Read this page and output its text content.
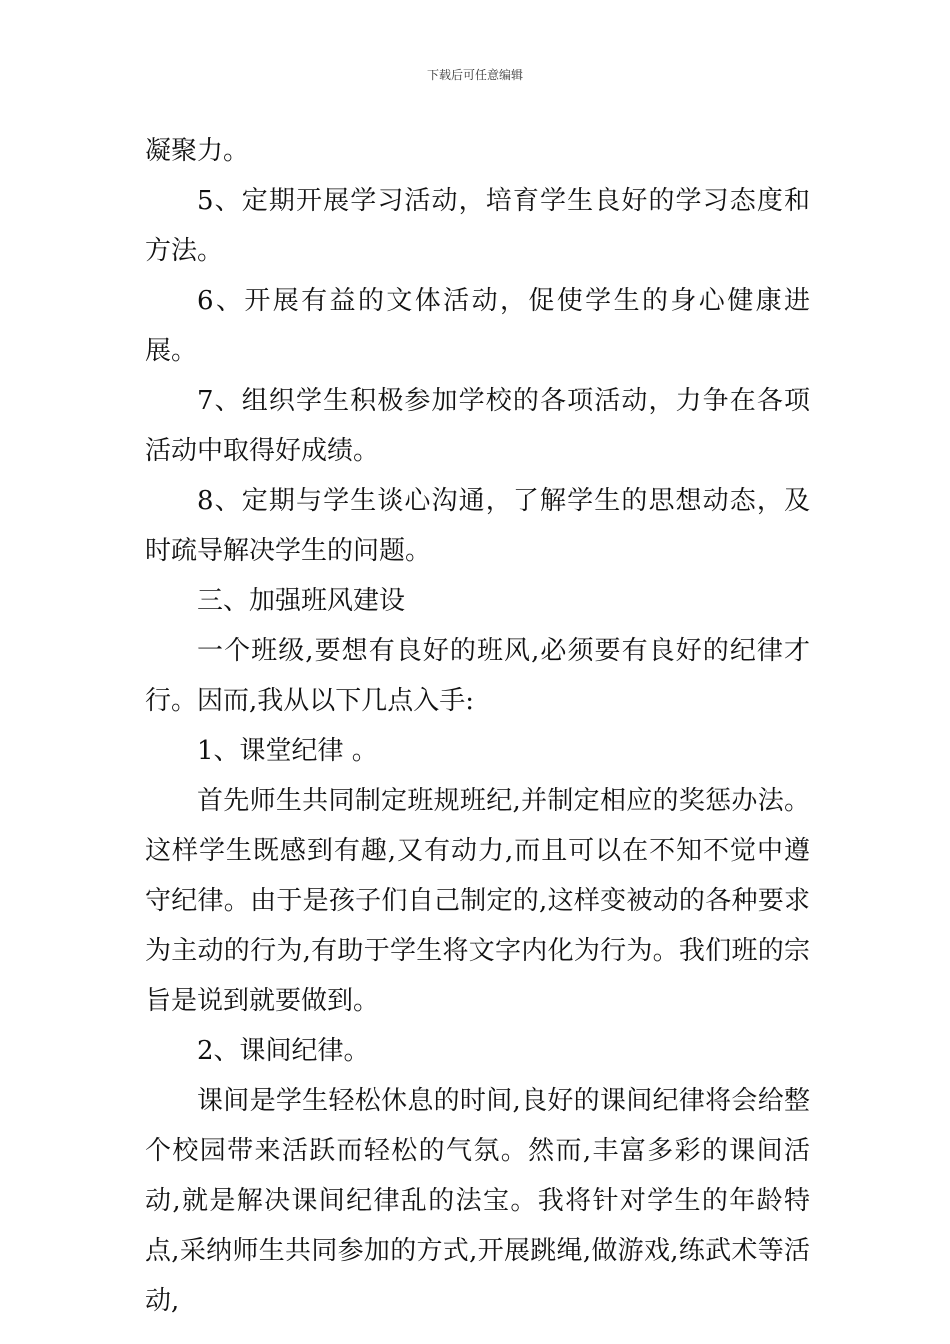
下载后可任意编辑

凝聚力。

5、定期开展学习活动，培育学生良好的学习态度和方法。

6、开展有益的文体活动，促使学生的身心健康进展。

7、组织学生积极参加学校的各项活动，力争在各项活动中取得好成绩。

8、定期与学生谈心沟通，了解学生的思想动态，及时疏导解决学生的问题。

三、加强班风建设

一个班级,要想有良好的班风,必须要有良好的纪律才行。因而,我从以下几点入手:

1、课堂纪律 。

首先师生共同制定班规班纪,并制定相应的奖惩办法。这样学生既感到有趣,又有动力,而且可以在不知不觉中遵守纪律。由于是孩子们自己制定的,这样变被动的各种要求为主动的行为,有助于学生将文字内化为行为。我们班的宗旨是说到就要做到。

2、课间纪律。

课间是学生轻松休息的时间,良好的课间纪律将会给整个校园带来活跃而轻松的气氛。然而,丰富多彩的课间活动,就是解决课间纪律乱的法宝。我将针对学生的年龄特点,采纳师生共同参加的方式,开展跳绳,做游戏,练武术等活动,
